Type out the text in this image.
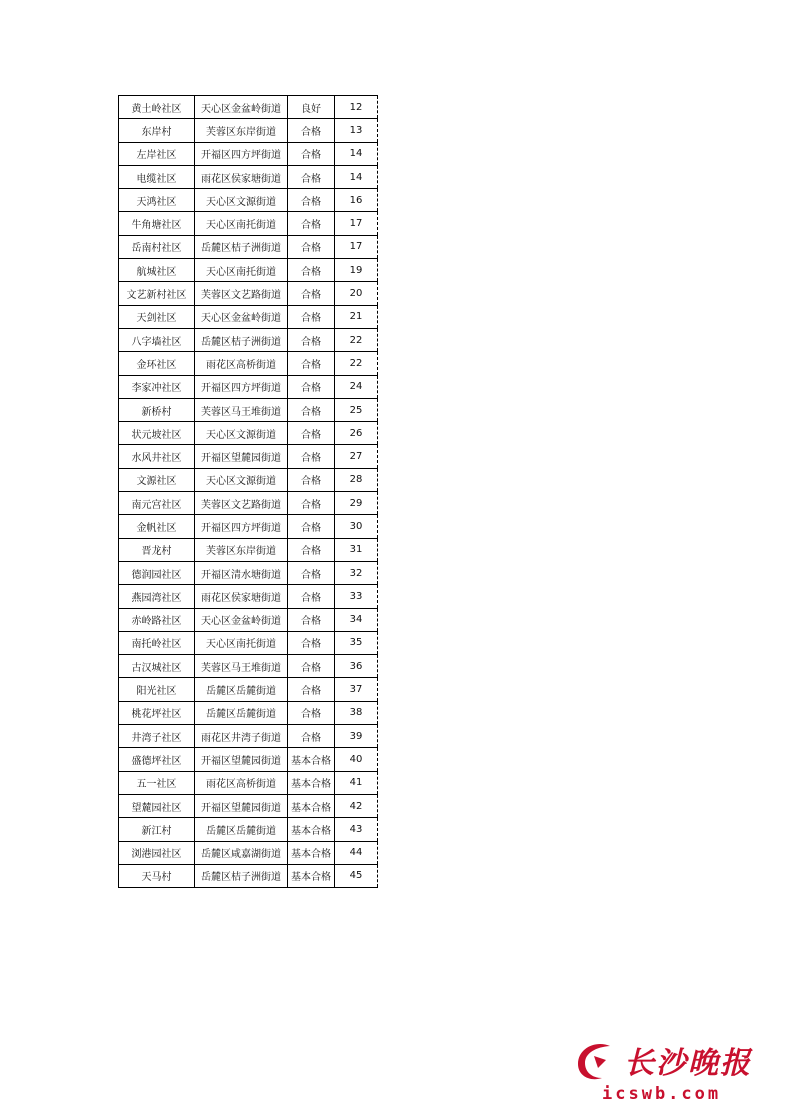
黄土岭社区	天心区金盆岭街道	良好	12
东岸村	芙蓉区东岸街道	合格	13
左岸社区	开福区四方坪街道	合格	14
电缆社区	雨花区侯家塘街道	合格	14
天鸿社区	天心区文源街道	合格	16
牛角塘社区	天心区南托街道	合格	17
岳南村社区	岳麓区桔子洲街道	合格	17
航城社区	天心区南托街道	合格	19
文艺新村社区	芙蓉区文艺路街道	合格	20
天剑社区	天心区金盆岭街道	合格	21
八字墙社区	岳麓区桔子洲街道	合格	22
金环社区	雨花区高桥街道	合格	22
李家冲社区	开福区四方坪街道	合格	24
新桥村	芙蓉区马王堆街道	合格	25
状元坡社区	天心区文源街道	合格	26
水风井社区	开福区望麓园街道	合格	27
文源社区	天心区文源街道	合格	28
南元宫社区	芙蓉区文艺路街道	合格	29
金帆社区	开福区四方坪街道	合格	30
晋龙村	芙蓉区东岸街道	合格	31
德润园社区	开福区清水塘街道	合格	32
燕园湾社区	雨花区侯家塘街道	合格	33
赤岭路社区	天心区金盆岭街道	合格	34
南托岭社区	天心区南托街道	合格	35
古汉城社区	芙蓉区马王堆街道	合格	36
阳光社区	岳麓区岳麓街道	合格	37
桃花坪社区	岳麓区岳麓街道	合格	38
井湾子社区	雨花区井湾子街道	合格	39
盛德坪社区	开福区望麓园街道	基本合格	40
五一社区	雨花区高桥街道	基本合格	41
望麓园社区	开福区望麓园街道	基本合格	42
新江村	岳麓区岳麓街道	基本合格	43
浏港园社区	岳麓区咸嘉湖街道	基本合格	44
天马村	岳麓区桔子洲街道	基本合格	45
长沙晚报
icswb.com
